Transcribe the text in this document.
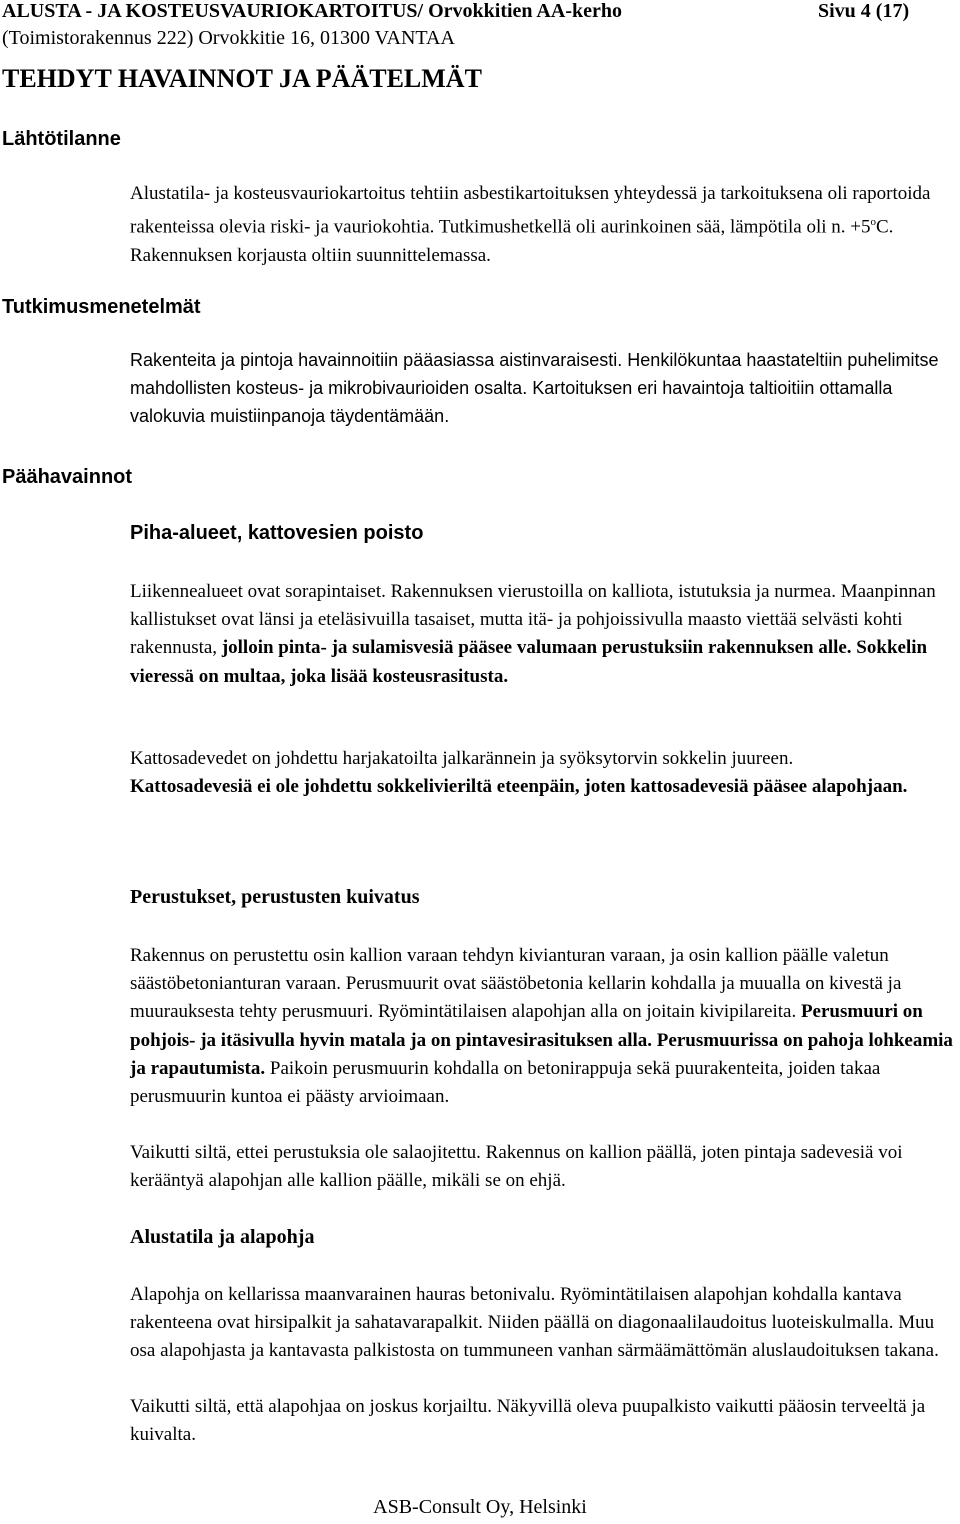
ALUSTA - JA KOSTEUSVAURIOKARTOITUS/ Orvokkitien AA-kerho	Sivu 4 (17)
(Toimistorakennus 222) Orvokkitie 16, 01300 VANTAA
TEHDYT HAVAINNOT JA PÄÄTELMÄT
Lähtötilanne
Alustatila- ja kosteusvauriokartoitus tehtiin asbestikartoituksen yhteydessä ja tarkoituksena oli raportoida rakenteissa olevia riski- ja vauriokohtia. Tutkimushetkellä oli aurinkoinen sää, lämpötila oli n. $+5^oC$. Rakennuksen korjausta oltiin suunnittelemassa.
Tutkimusmenetelmät
Rakenteita ja pintoja havainnoitiin pääasiassa aistinvaraisesti. Henkilökuntaa haastateltiin puhelimitse mahdollisten kosteus- ja mikrobivaurioiden osalta. Kartoituksen eri havaintoja taltioitiin ottamalla valokuvia muistiinpanoja täydentämään.
Päähavainnot
Piha-alueet, kattovesien poisto
Liikennealueet ovat sorapintaiset. Rakennuksen vierustoilla on kalliota, istutuksia ja nurmea. Maanpinnan kallistukset ovat länsi ja eteläsivuilla tasaiset, mutta itä- ja pohjoissivulla maasto viettää selvästi kohti rakennusta, jolloin pinta- ja sulamisvesiä pääsee valumaan perustuksiin rakennuksen alle. Sokkelin vieressä on multaa, joka lisää kosteusrasitusta.
Kattosadevedet on johdettu harjakatoilta jalkarännein ja syöksytorvin sokkelin juureen.
Kattosadevesiä ei ole johdettu sokkelivieriltä eteenpäin, joten kattosadevesiä pääsee alapohjaan.
Perustukset, perustusten kuivatus
Rakennus on perustettu osin kallion varaan tehdyn kivianturan varaan, ja osin kallion päälle valetun säästöbetonianturan varaan. Perusmuurit ovat säästöbetonia kellarin kohdalla ja muualla on kivestä ja muurauksesta tehty perusmuuri. Ryömintätilaisen alapohjan alla on joitain kivipilareita. Perusmuuri on pohjois- ja itäsivulla hyvin matala ja on pintavesirasituksen alla. Perusmuurissa on pahoja lohkeamia ja rapautumista. Paikoin perusmuurin kohdalla on betonirappuja sekä puurakenteita, joiden takaa perusmuurin kuntoa ei päästy arvioimaan.
Vaikutti siltä, ettei perustuksia ole salaojitettu. Rakennus on kallion päällä, joten pintaja sadevesiä voi kerääntyä alapohjan alle kallion päälle, mikäli se on ehjä.
Alustatila ja alapohja
Alapohja on kellarissa maanvarainen hauras betonivalu. Ryömintätilaisen alapohjan kohdalla kantava rakenteena ovat hirsipalkit ja sahatavarapalkit. Niiden päällä on diagonaalilaudoitus luoteiskulmalla. Muu osa alapohjasta ja kantavasta palkistosta on tummuneen vanhan särmäämättömän aluslaudoituksen takana.
Vaikutti siltä, että alapohjaa on joskus korjailtu. Näkyvillä oleva puupalkisto vaikutti pääosin terveeltä ja kuivalta.
ASB-Consult Oy, Helsinki
